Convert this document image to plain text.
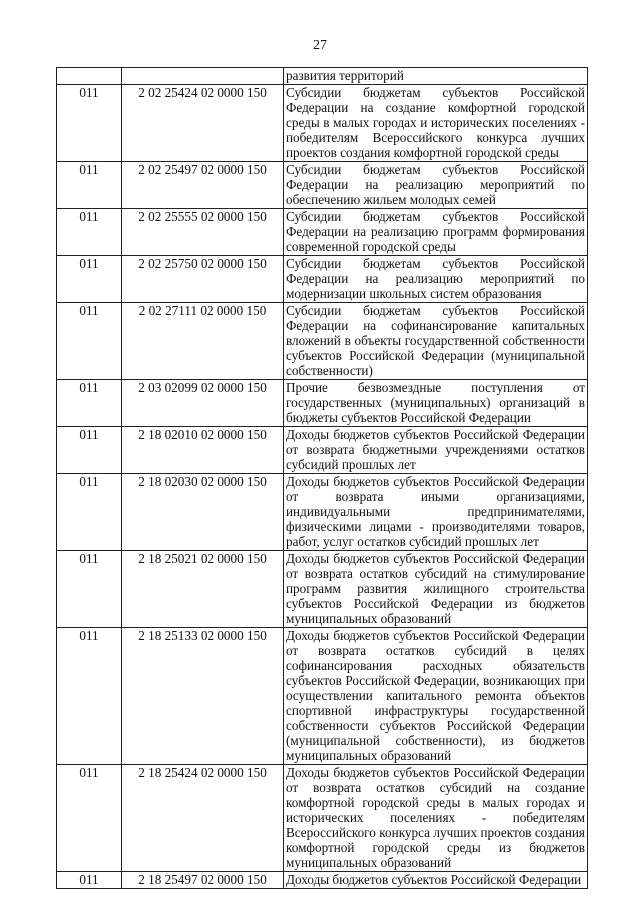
27
		развития территорий
011	2 02 25424 02 0000 150	Субсидии бюджетам субъектов Российской Федерации на создание комфортной городской среды в малых городах и исторических поселениях - победителям Всероссийского конкурса лучших проектов создания комфортной городской среды
011	2 02 25497 02 0000 150	Субсидии бюджетам субъектов Российской Федерации на реализацию мероприятий по обеспечению жильем молодых семей
011	2 02 25555 02 0000 150	Субсидии бюджетам субъектов Российской Федерации на реализацию программ формирования современной городской среды
011	2 02 25750 02 0000 150	Субсидии бюджетам субъектов Российской Федерации на реализацию мероприятий по модернизации школьных систем образования
011	2 02 27111 02 0000 150	Субсидии бюджетам субъектов Российской Федерации на софинансирование капитальных вложений в объекты государственной собственности субъектов Российской Федерации (муниципальной собственности)
011	2 03 02099 02 0000 150	Прочие безвозмездные поступления от государственных (муниципальных) организаций в бюджеты субъектов Российской Федерации
011	2 18 02010 02 0000 150	Доходы бюджетов субъектов Российской Федерации от возврата бюджетными учреждениями остатков субсидий прошлых лет
011	2 18 02030 02 0000 150	Доходы бюджетов субъектов Российской Федерации от возврата иными организациями, индивидуальными предпринимателями, физическими лицами - производителями товаров, работ, услуг остатков субсидий прошлых лет
011	2 18 25021 02 0000 150	Доходы бюджетов субъектов Российской Федерации от возврата остатков субсидий на стимулирование программ развития жилищного строительства субъектов Российской Федерации из бюджетов муниципальных образований
011	2 18 25133 02 0000 150	Доходы бюджетов субъектов Российской Федерации от возврата остатков субсидий в целях софинансирования расходных обязательств субъектов Российской Федерации, возникающих при осуществлении капитального ремонта объектов спортивной инфраструктуры государственной собственности субъектов Российской Федерации (муниципальной собственности), из бюджетов муниципальных образований
011	2 18 25424 02 0000 150	Доходы бюджетов субъектов Российской Федерации от возврата остатков субсидий на создание комфортной городской среды в малых городах и исторических поселениях - победителям Всероссийского конкурса лучших проектов создания комфортной городской среды из бюджетов муниципальных образований
011	2 18 25497 02 0000 150	Доходы бюджетов субъектов Российской Федерации
